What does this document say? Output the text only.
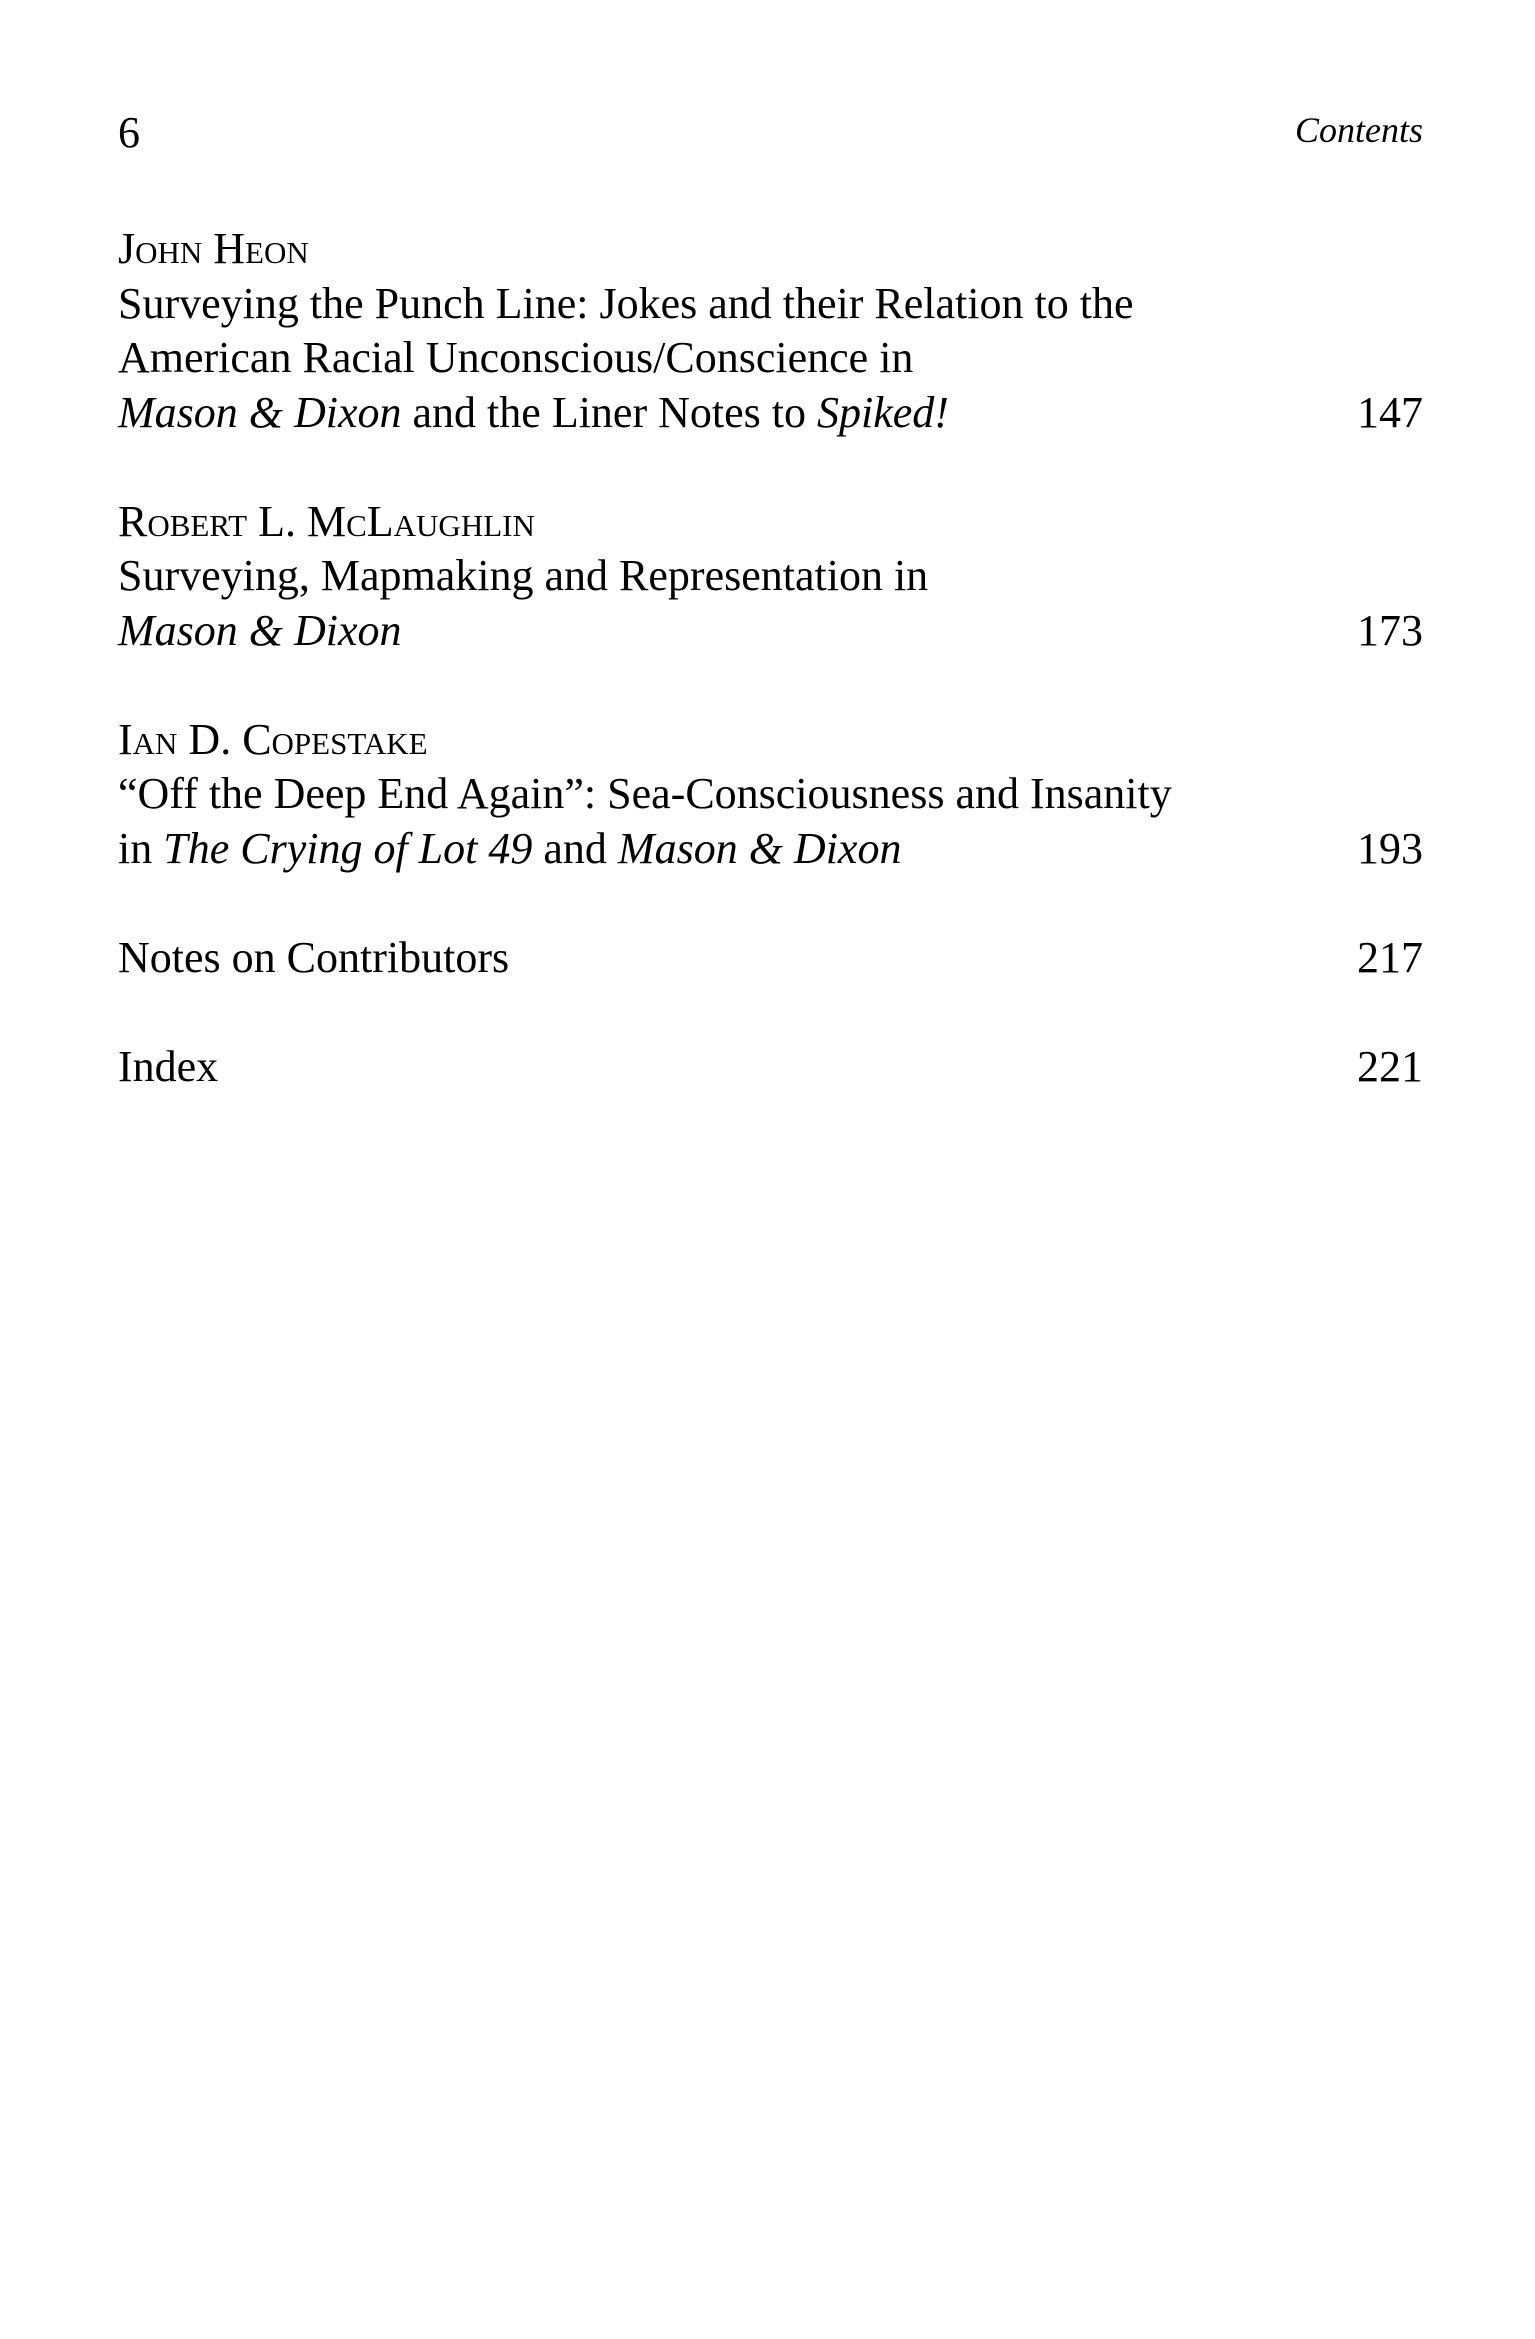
6	Contents
John Heon
Surveying the Punch Line: Jokes and their Relation to the
American Racial Unconscious/Conscience in
Mason & Dixon and the Liner Notes to Spiked!	147
Robert L. McLaughlin
Surveying, Mapmaking and Representation in
Mason & Dixon	173
Ian D. Copestake
“Off the Deep End Again”: Sea-Consciousness and Insanity
in The Crying of Lot 49 and Mason & Dixon	193
Notes on Contributors	217
Index	221
